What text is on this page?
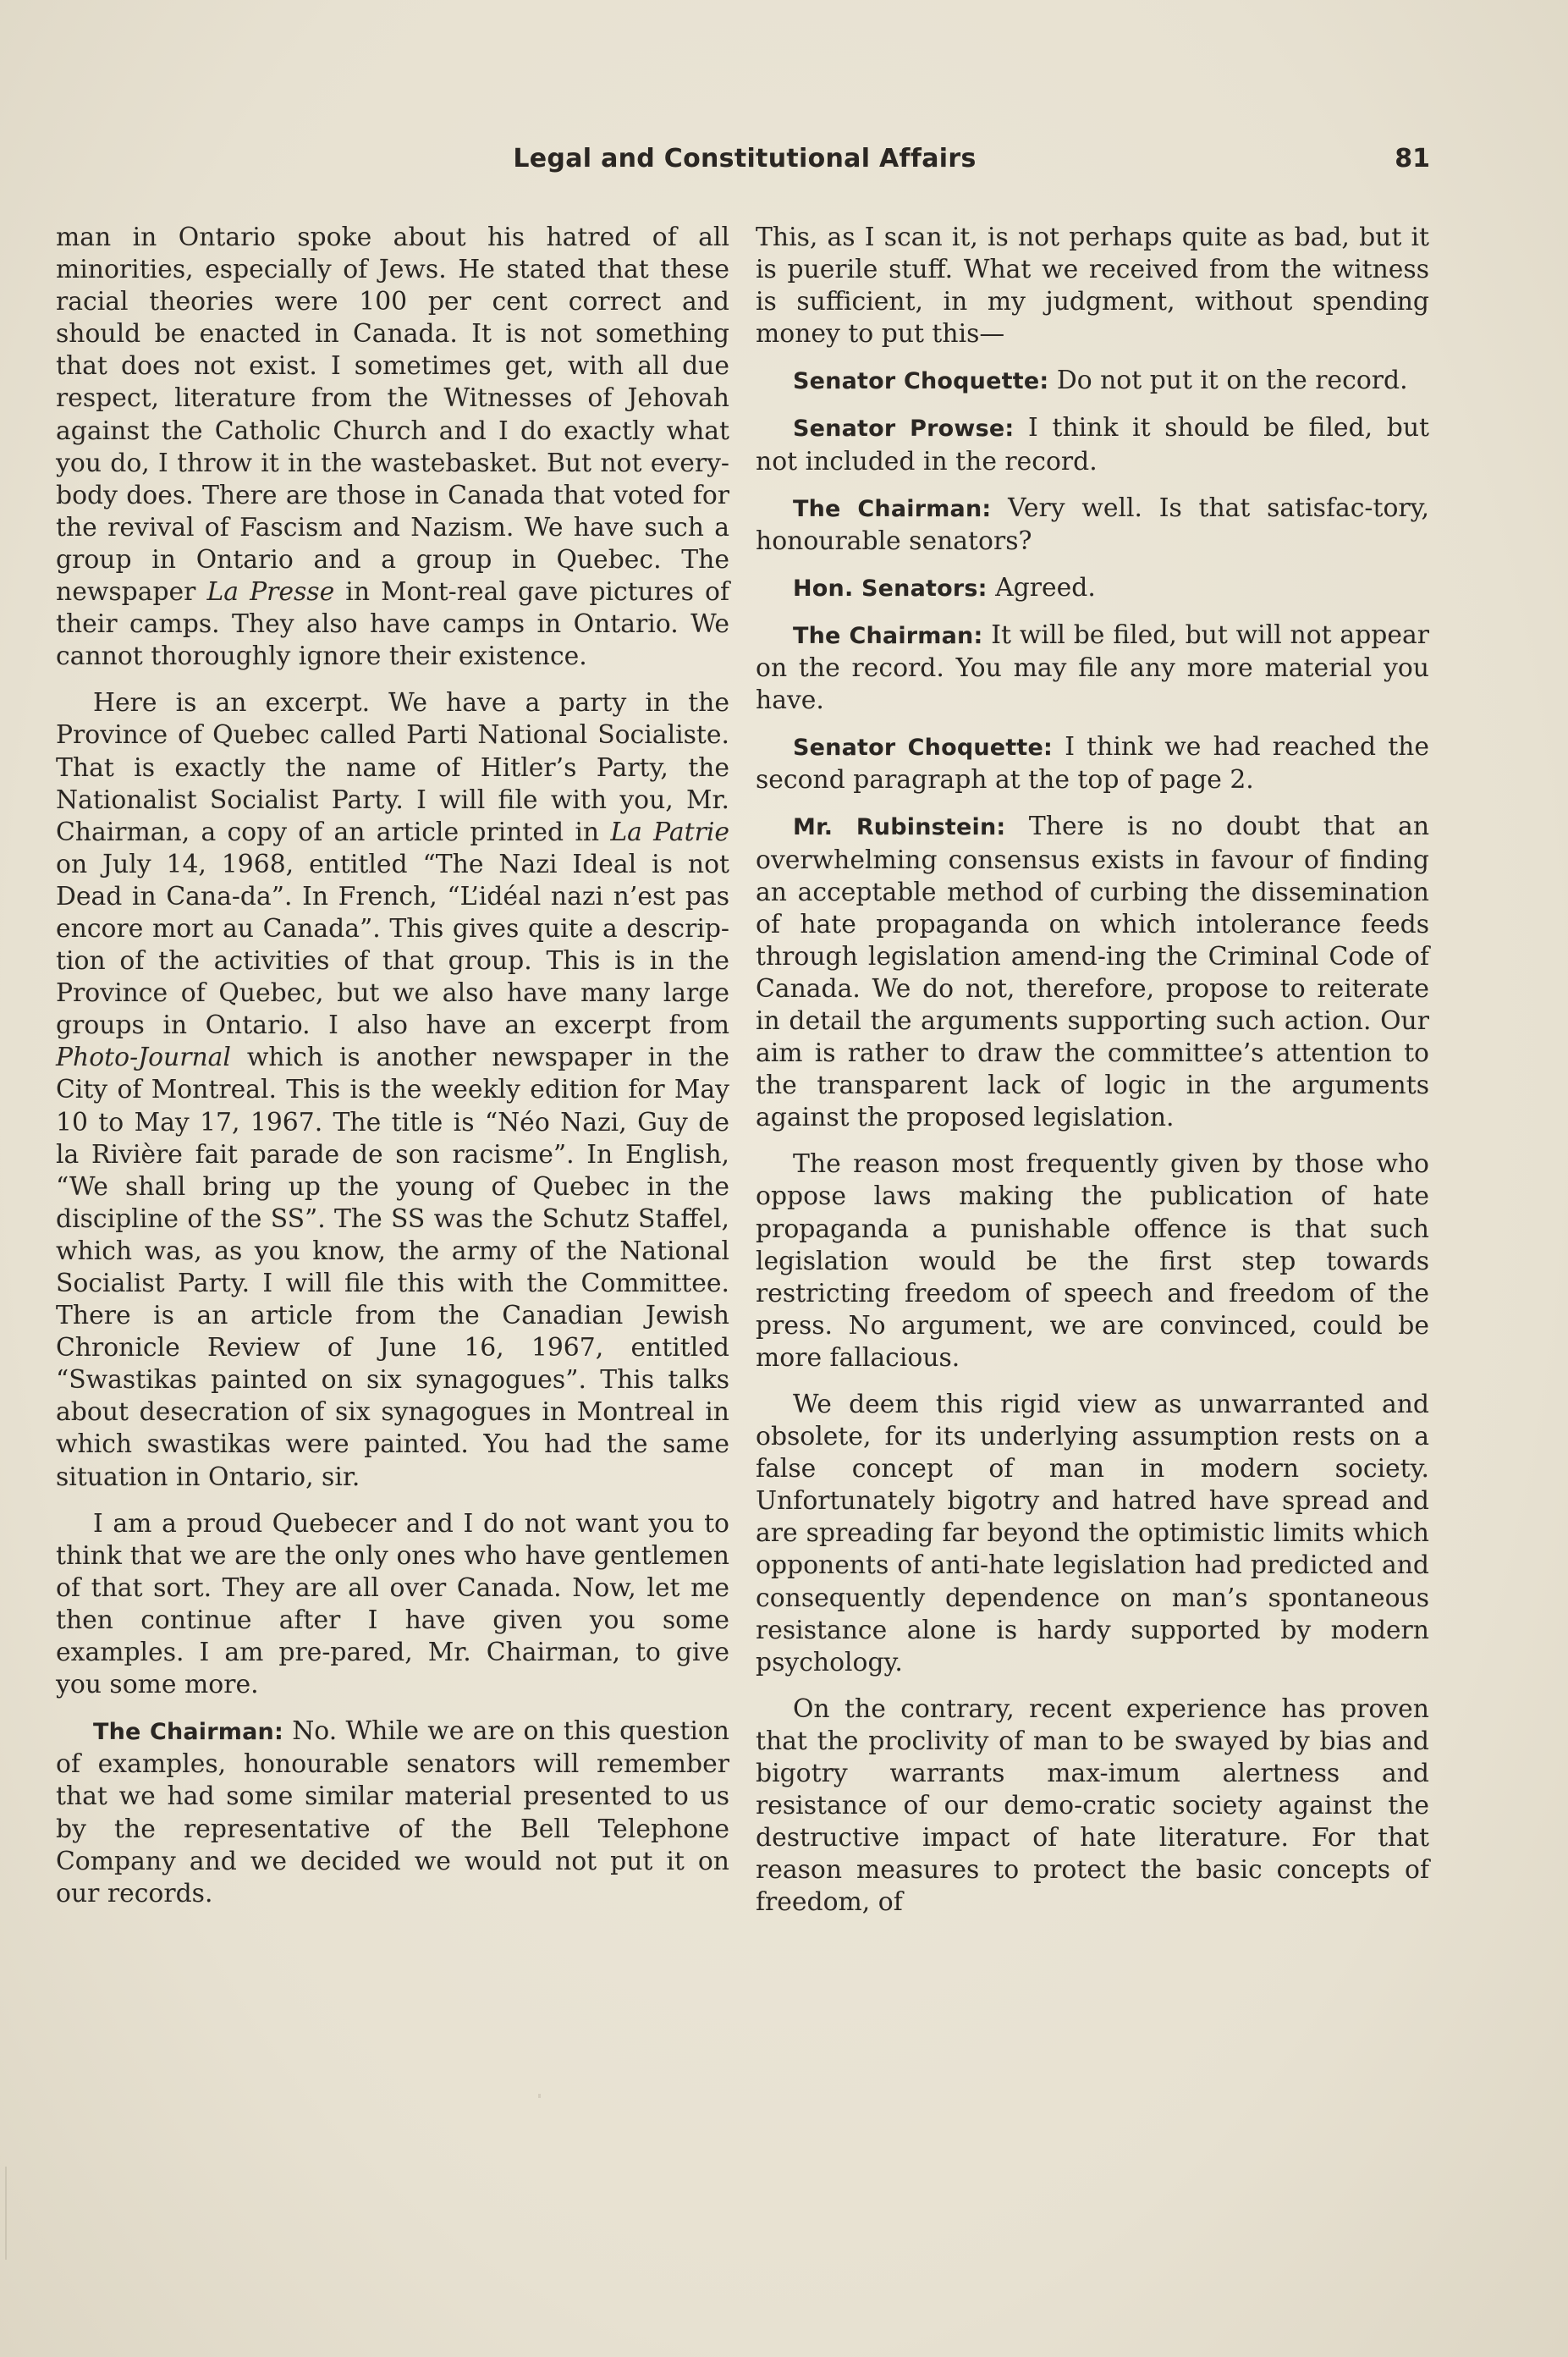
Legal and Constitutional Affairs	81

man in Ontario spoke about his hatred of all minorities, especially of Jews. He stated that these racial theories were 100 per cent correct and should be enacted in Canada. It is not something that does not exist. I sometimes get, with all due respect, literature from the Witnesses of Jehovah against the Catholic Church and I do exactly what you do, I throw it in the wastebasket. But not every-body does. There are those in Canada that voted for the revival of Fascism and Nazism. We have such a group in Ontario and a group in Quebec. The newspaper La Presse in Mont-real gave pictures of their camps. They also have camps in Ontario. We cannot thoroughly ignore their existence.

Here is an excerpt. We have a party in the Province of Quebec called Parti National Socialiste. That is exactly the name of Hitler’s Party, the Nationalist Socialist Party. I will file with you, Mr. Chairman, a copy of an article printed in La Patrie on July 14, 1968, entitled “The Nazi Ideal is not Dead in Cana-da”. In French, “L’idéal nazi n’est pas encore mort au Canada”. This gives quite a descrip-tion of the activities of that group. This is in the Province of Quebec, but we also have many large groups in Ontario. I also have an excerpt from Photo-Journal which is another newspaper in the City of Montreal. This is the weekly edition for May 10 to May 17, 1967. The title is “Néo Nazi, Guy de la Rivière fait parade de son racisme”. In English, “We shall bring up the young of Quebec in the discipline of the SS”. The SS was the Schutz Staffel, which was, as you know, the army of the National Socialist Party. I will file this with the Committee. There is an article from the Canadian Jewish Chronicle Review of June 16, 1967, entitled “Swastikas painted on six synagogues”. This talks about desecration of six synagogues in Montreal in which swastikas were painted. You had the same situation in Ontario, sir.

I am a proud Quebecer and I do not want you to think that we are the only ones who have gentlemen of that sort. They are all over Canada. Now, let me then continue after I have given you some examples. I am pre-pared, Mr. Chairman, to give you some more.

The Chairman: No. While we are on this question of examples, honourable senators will remember that we had some similar material presented to us by the representative of the Bell Telephone Company and we decided we would not put it on our records.

This, as I scan it, is not perhaps quite as bad, but it is puerile stuff. What we received from the witness is sufficient, in my judgment, without spending money to put this—

Senator Choquette: Do not put it on the record.

Senator Prowse: I think it should be filed, but not included in the record.

The Chairman: Very well. Is that satisfac-tory, honourable senators?

Hon. Senators: Agreed.

The Chairman: It will be filed, but will not appear on the record. You may file any more material you have.

Senator Choquette: I think we had reached the second paragraph at the top of page 2.

Mr. Rubinstein: There is no doubt that an overwhelming consensus exists in favour of finding an acceptable method of curbing the dissemination of hate propaganda on which intolerance feeds through legislation amend-ing the Criminal Code of Canada. We do not, therefore, propose to reiterate in detail the arguments supporting such action. Our aim is rather to draw the committee’s attention to the transparent lack of logic in the arguments against the proposed legislation.

The reason most frequently given by those who oppose laws making the publication of hate propaganda a punishable offence is that such legislation would be the first step towards restricting freedom of speech and freedom of the press. No argument, we are convinced, could be more fallacious.

We deem this rigid view as unwarranted and obsolete, for its underlying assumption rests on a false concept of man in modern society. Unfortunately bigotry and hatred have spread and are spreading far beyond the optimistic limits which opponents of anti-hate legislation had predicted and consequently dependence on man’s spontaneous resistance alone is hardy supported by modern psychology.

On the contrary, recent experience has proven that the proclivity of man to be swayed by bias and bigotry warrants max-imum alertness and resistance of our demo-cratic society against the destructive impact of hate literature. For that reason measures to protect the basic concepts of freedom, of
